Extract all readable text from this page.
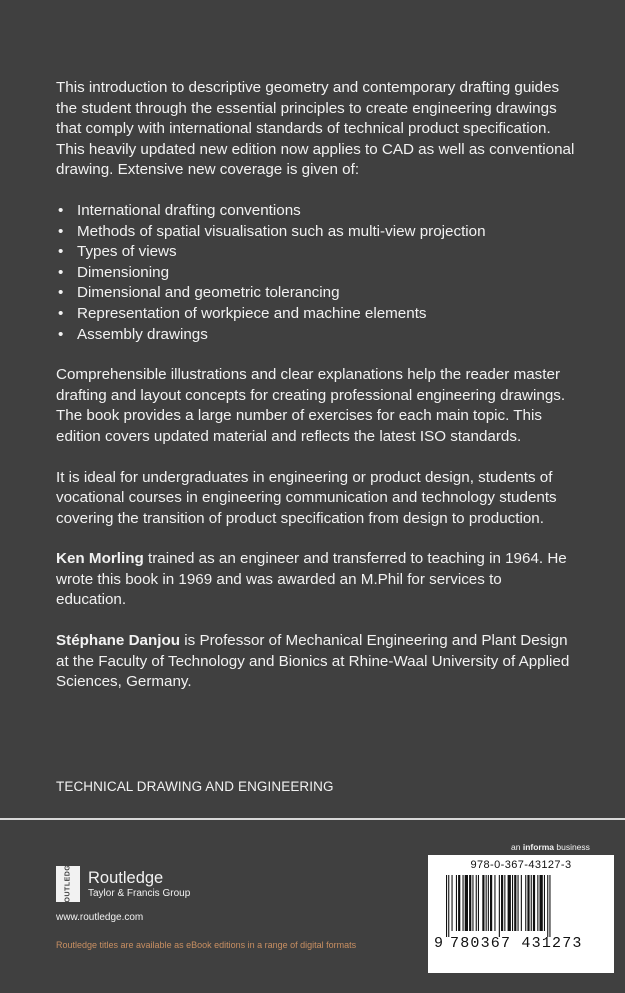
This introduction to descriptive geometry and contemporary drafting guides the student through the essential principles to create engineering drawings that comply with international standards of technical product specification. This heavily updated new edition now applies to CAD as well as conventional drawing. Extensive new coverage is given of:

• International drafting conventions
• Methods of spatial visualisation such as multi-view projection
• Types of views
• Dimensioning
• Dimensional and geometric tolerancing
• Representation of workpiece and machine elements
• Assembly drawings

Comprehensible illustrations and clear explanations help the reader master drafting and layout concepts for creating professional engineering drawings. The book provides a large number of exercises for each main topic. This edition covers updated material and reflects the latest ISO standards.

It is ideal for undergraduates in engineering or product design, students of vocational courses in engineering communication and technology students covering the transition of product specification from design to production.

Ken Morling trained as an engineer and transferred to teaching in 1964. He wrote this book in 1969 and was awarded an M.Phil for services to education.

Stéphane Danjou is Professor of Mechanical Engineering and Plant Design at the Faculty of Technology and Bionics at Rhine-Waal University of Applied Sciences, Germany.

TECHNICAL DRAWING AND ENGINEERING
an informa business
ROUTLEDGE	Routledge
Taylor & Francis Group
www.routledge.com
Routledge titles are available as eBook editions in a range of digital formats
978-0-367-43127-3
9 780367 431273
